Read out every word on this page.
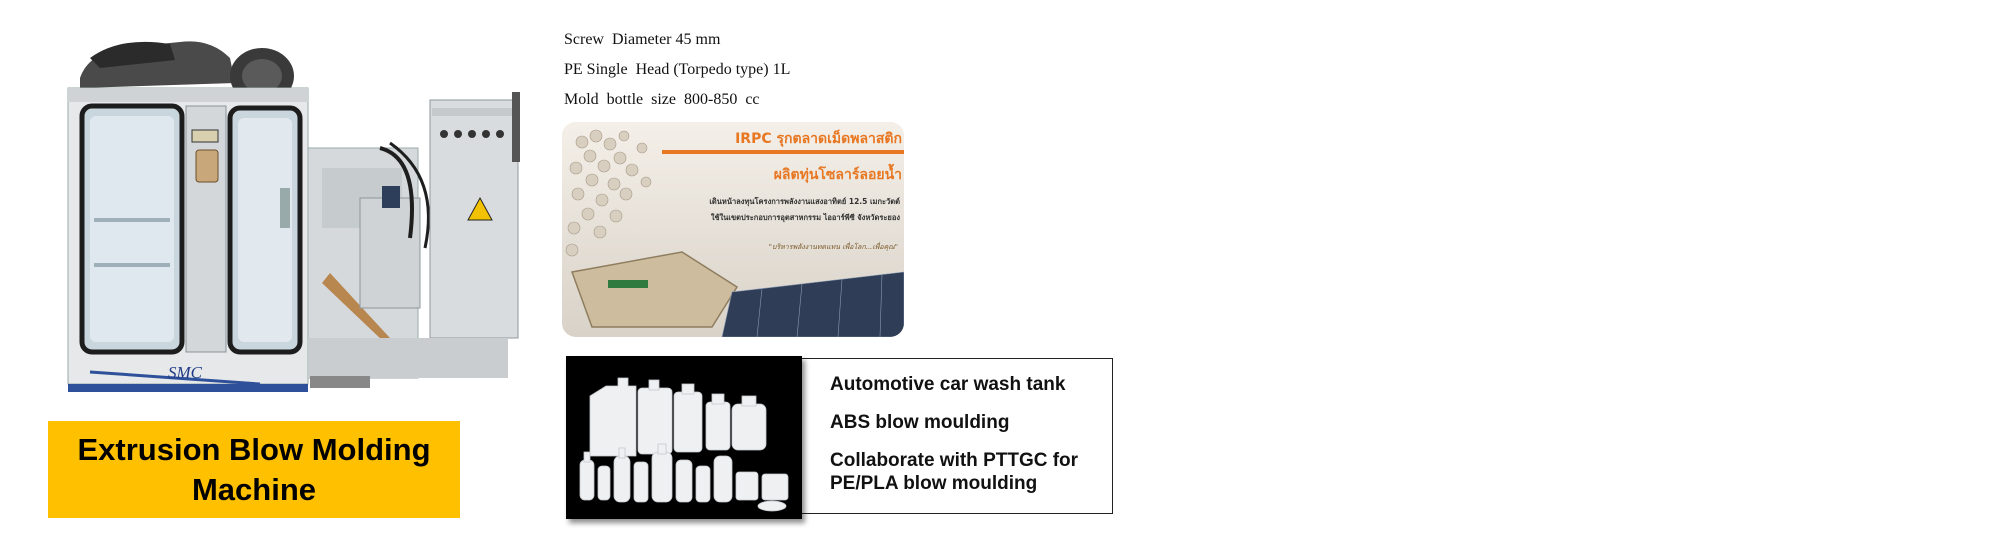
SMC
Extrusion Blow Molding
Machine
Screw  Diameter 45 mm
PE Single  Head (Torpedo type) 1L
Mold  bottle  size  800-850  cc
IRPC รุกตลาดเม็ดพลาสติก
ผลิตทุ่นโซลาร์ลอยน้ำ
เดินหน้าลงทุนโครงการพลังงานแสงอาทิตย์ 12.5 เมกะวัตต์
ใช้ในเขตประกอบการอุตสาหกรรม ไออาร์พีซี จังหวัดระยอง
"บริหารพลังงานทดแทน เพื่อโลก...เพื่อคุณ"
Automotive car wash tank
ABS blow moulding
Collaborate with PTTGC for
PE/PLA blow moulding
